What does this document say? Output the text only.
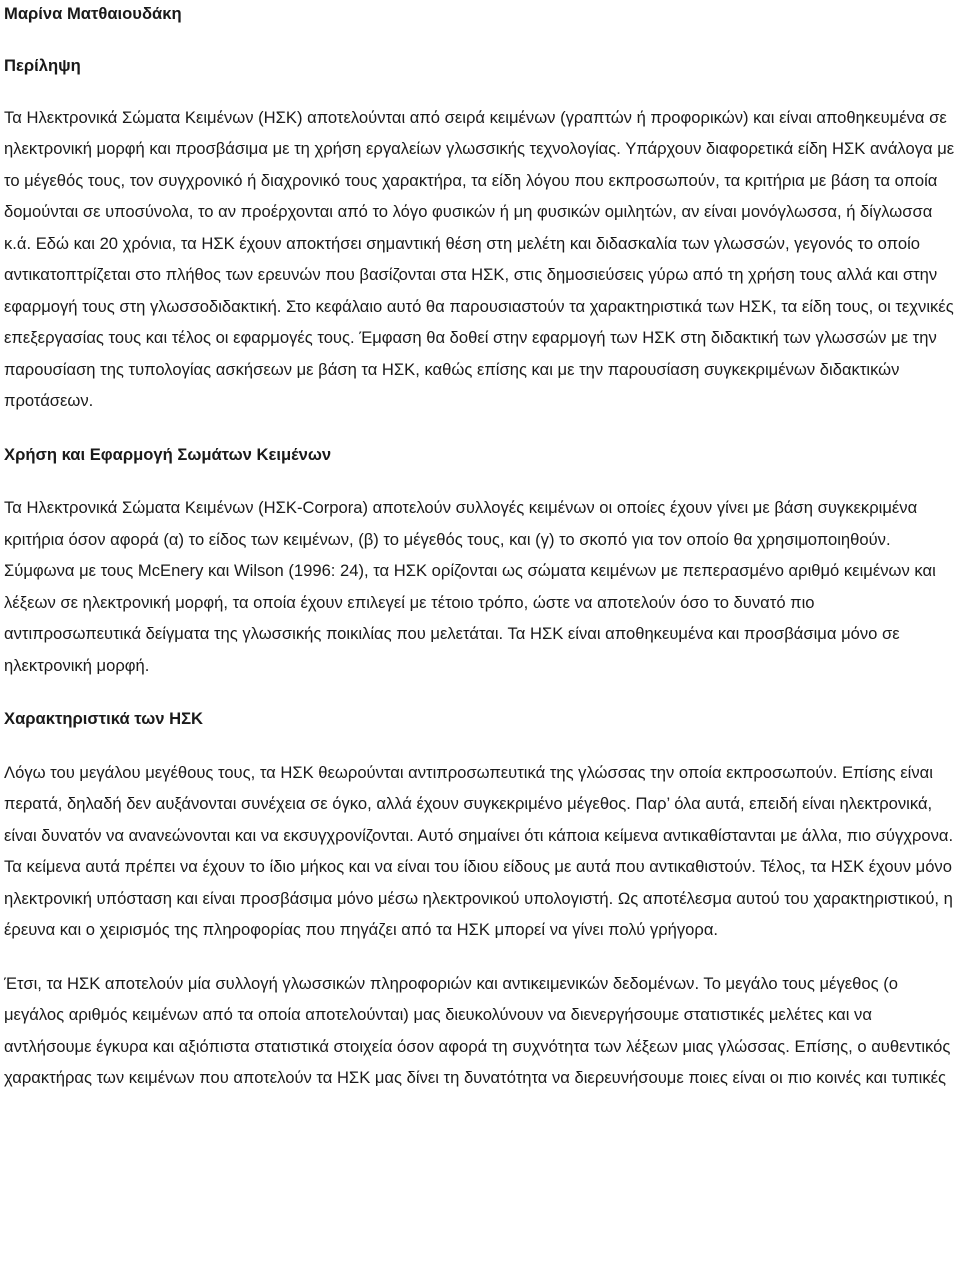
Μαρίνα Ματθαιουδάκη

Περίληψη

Τα Ηλεκτρονικά Σώματα Κειμένων (ΗΣΚ) αποτελούνται από σειρά κειμένων (γραπτών ή προφορικών) και είναι αποθηκευμένα σε ηλεκτρονική μορφή και προσβάσιμα με τη χρήση εργαλείων γλωσσικής τεχνολογίας. Υπάρχουν διαφορετικά είδη ΗΣΚ ανάλογα με το μέγεθός τους, τον συγχρονικό ή διαχρονικό τους χαρακτήρα, τα είδη λόγου που εκπροσωπούν, τα κριτήρια με βάση τα οποία δομούνται σε υποσύνολα, το αν προέρχονται από το λόγο φυσικών ή μη φυσικών ομιλητών, αν είναι μονόγλωσσα, ή δίγλωσσα κ.ά. Εδώ και 20 χρόνια, τα ΗΣΚ έχουν αποκτήσει σημαντική θέση στη μελέτη και διδασκαλία των γλωσσών, γεγονός το οποίο αντικατοπτρίζεται στο πλήθος των ερευνών που βασίζονται στα ΗΣΚ, στις δημοσιεύσεις γύρω από τη χρήση τους αλλά και στην εφαρμογή τους στη γλωσσοδιδακτική. Στο κεφάλαιο αυτό θα παρουσιαστούν τα χαρακτηριστικά των ΗΣΚ, τα είδη τους, οι τεχνικές επεξεργασίας τους και τέλος οι εφαρμογές τους. Έμφαση θα δοθεί στην εφαρμογή των ΗΣΚ στη διδακτική των γλωσσών με την παρουσίαση της τυπολογίας ασκήσεων με βάση τα ΗΣΚ, καθώς επίσης και με την παρουσίαση συγκεκριμένων διδακτικών προτάσεων.

Χρήση και Εφαρμογή Σωμάτων Κειμένων

Τα Ηλεκτρονικά Σώματα Κειμένων (ΗΣΚ-Corpora) αποτελούν συλλογές κειμένων οι οποίες έχουν γίνει με βάση συγκεκριμένα κριτήρια όσον αφορά (α) το είδος των κειμένων, (β) το μέγεθός τους, και (γ) το σκοπό για τον οποίο θα χρησιμοποιηθούν. Σύμφωνα με τους McEnery και Wilson (1996: 24), τα ΗΣΚ ορίζονται ως σώματα κειμένων με πεπερασμένο αριθμό κειμένων και λέξεων σε ηλεκτρονική μορφή, τα οποία έχουν επιλεγεί με τέτοιο τρόπο, ώστε να αποτελούν όσο το δυνατό πιο αντιπροσωπευτικά δείγματα της γλωσσικής ποικιλίας που μελετάται. Τα ΗΣΚ είναι αποθηκευμένα και προσβάσιμα μόνο σε ηλεκτρονική μορφή.

Χαρακτηριστικά των ΗΣΚ

Λόγω του μεγάλου μεγέθους τους, τα ΗΣΚ θεωρούνται αντιπροσωπευτικά της γλώσσας την οποία εκπροσωπούν. Επίσης είναι περατά, δηλαδή δεν αυξάνονται συνέχεια σε όγκο, αλλά έχουν συγκεκριμένο μέγεθος. Παρ’ όλα αυτά, επειδή είναι ηλεκτρονικά, είναι δυνατόν να ανανεώνονται και να εκσυγχρονίζονται. Αυτό σημαίνει ότι κάποια κείμενα αντικαθίστανται με άλλα, πιο σύγχρονα. Τα κείμενα αυτά πρέπει να έχουν το ίδιο μήκος και να είναι του ίδιου είδους με αυτά που αντικαθιστούν. Τέλος, τα ΗΣΚ έχουν μόνο ηλεκτρονική υπόσταση και είναι προσβάσιμα μόνο μέσω ηλεκτρονικού υπολογιστή. Ως αποτέλεσμα αυτού του χαρακτηριστικού, η έρευνα και ο χειρισμός της πληροφορίας που πηγάζει από τα ΗΣΚ μπορεί να γίνει πολύ γρήγορα.

Έτσι, τα ΗΣΚ αποτελούν μία συλλογή γλωσσικών πληροφοριών και αντικειμενικών δεδομένων. Το μεγάλο τους μέγεθος (ο μεγάλος αριθμός κειμένων από τα οποία αποτελούνται) μας διευκολύνουν να διενεργήσουμε στατιστικές μελέτες και να αντλήσουμε έγκυρα και αξιόπιστα στατιστικά στοιχεία όσον αφορά τη συχνότητα των λέξεων μιας γλώσσας. Επίσης, ο αυθεντικός χαρακτήρας των κειμένων που αποτελούν τα ΗΣΚ μας δίνει τη δυνατότητα να διερευνήσουμε ποιες είναι οι πιο κοινές και τυπικές
